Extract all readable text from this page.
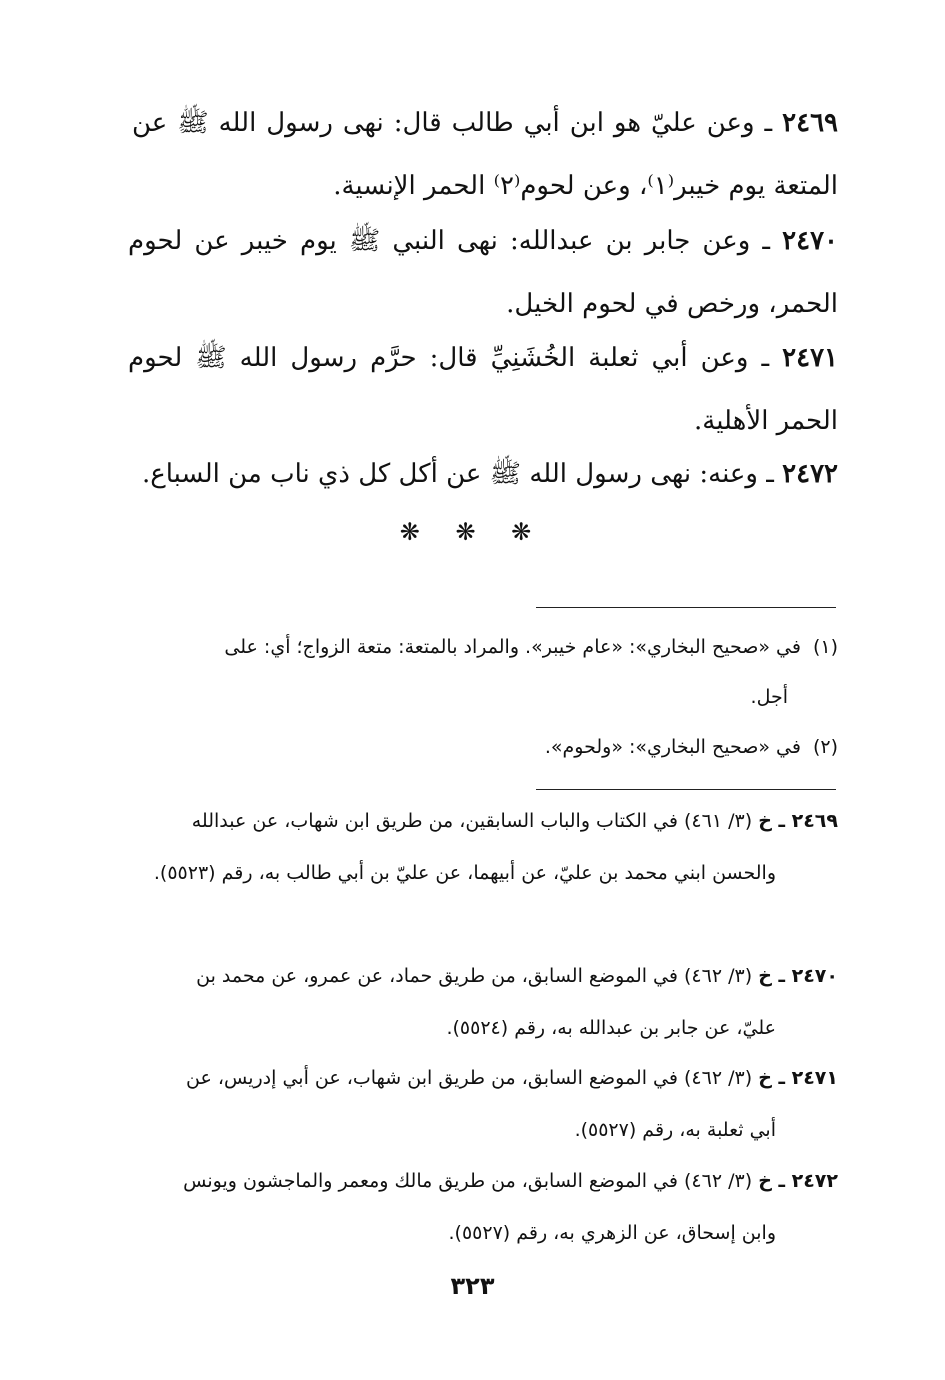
٢٤٦٩ ـ وعن عليّ هو ابن أبي طالب قال: نهى رسول الله ﷺ عن المتعة يوم خيبر⁽١⁾، وعن لحوم⁽٢⁾ الحمر الإنسية.
٢٤٧٠ ـ وعن جابر بن عبدالله: نهى النبي ﷺ يوم خيبر عن لحوم الحمر، ورخص في لحوم الخيل.
٢٤٧١ ـ وعن أبي ثعلبة الخُشَنِيِّ قال: حرَّم رسول الله ﷺ لحوم الحمر الأهلية.
٢٤٧٢ ـ وعنه: نهى رسول الله ﷺ عن أكل كل ذي ناب من السباع.
❋ ❋ ❋
(١)في «صحيح البخاري»: «عام خيبر». والمراد بالمتعة: متعة الزواج؛ أي: على
أجل.
(٢)في «صحيح البخاري»: «ولحوم».
٢٤٦٩ ـ خ (٣/ ٤٦١) في الكتاب والباب السابقين، من طريق ابن شهاب، عن عبدالله
والحسن ابني محمد بن عليّ، عن أبيهما، عن عليّ بن أبي طالب به، رقم (٥٥٢٣).
٢٤٧٠ ـ خ (٣/ ٤٦٢) في الموضع السابق، من طريق حماد، عن عمرو، عن محمد بن
عليّ، عن جابر بن عبدالله به، رقم (٥٥٢٤).
٢٤٧١ ـ خ (٣/ ٤٦٢) في الموضع السابق، من طريق ابن شهاب، عن أبي إدريس، عن
أبي ثعلبة به، رقم (٥٥٢٧).
٢٤٧٢ ـ خ (٣/ ٤٦٢) في الموضع السابق، من طريق مالك ومعمر والماجشون ويونس
وابن إسحاق، عن الزهري به، رقم (٥٥٢٧).
٣٢٣
